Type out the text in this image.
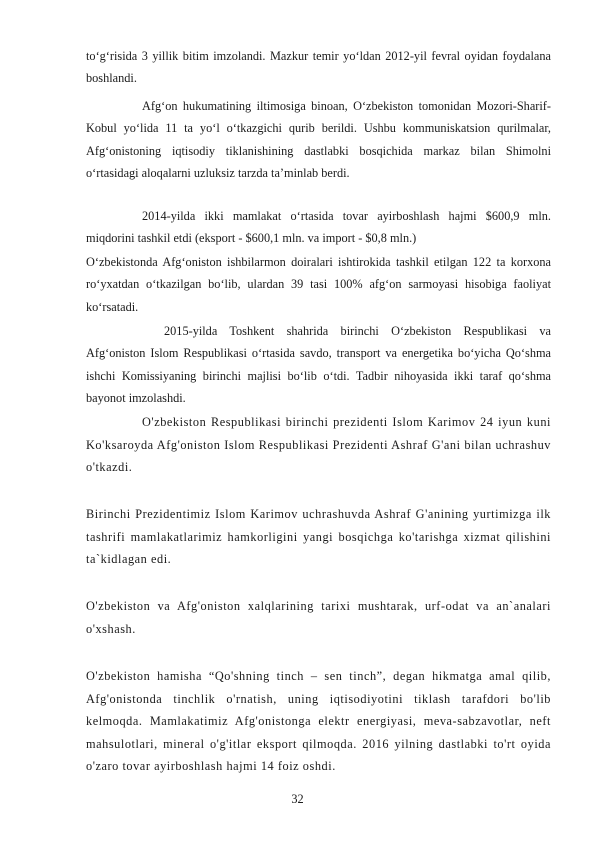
to‘g‘risida 3 yillik bitim imzolandi. Mazkur temir yo‘ldan 2012-yil fevral oyidan foydalana boshlandi.

Afg‘on hukumatining iltimosiga binoan, O‘zbekiston tomonidan Mozori-Sharif-Kobul yo‘lida 11 ta yo‘l o‘tkazgichi qurib berildi. Ushbu kommuniskatsion qurilmalar, Afg‘onistoning iqtisodiy tiklanishining dastlabki bosqichida markaz bilan Shimolni o‘rtasidagi aloqalarni uzluksiz tarzda ta’minlab berdi.

2014-yilda ikki mamlakat o‘rtasida tovar ayirboshlash hajmi $600,9 mln. miqdorini tashkil etdi (eksport - $600,1 mln. va import - $0,8 mln.)

O‘zbekistonda Afg‘oniston ishbilarmon doiralari ishtirokida tashkil etilgan 122 ta korxona ro‘yxatdan o‘tkazilgan bo‘lib, ulardan 39 tasi 100% afg‘on sarmoyasi hisobiga faoliyat ko‘rsatadi.

2015-yilda Toshkent shahrida birinchi O‘zbekiston Respublikasi va Afg‘oniston Islom Respublikasi o‘rtasida savdo, transport va energetika bo‘yicha Qo‘shma ishchi Komissiyaning birinchi majlisi bo‘lib o‘tdi. Tadbir nihoyasida ikki taraf qo‘shma bayonot imzolashdi.

O'zbekiston Respublikasi birinchi prezidenti Islom Karimov 24 iyun kuni Ko'ksaroyda Afg'oniston Islom Respublikasi Prezidenti Ashraf G'ani bilan uchrashuv o'tkazdi.

Birinchi Prezidentimiz Islom Karimov uchrashuvda Ashraf G'anining yurtimizga ilk tashrifi mamlakatlarimiz hamkorligini yangi bosqichga ko'tarishga xizmat qilishini ta`kidlagan edi.

O'zbekiston va Afg'oniston xalqlarining tarixi mushtarak, urf-odat va an`analari o'xshash.

O'zbekiston hamisha “Qo'shning tinch – sen tinch”, degan hikmatga amal qilib, Afg'onistonda tinchlik o'rnatish, uning iqtisodiyotini tiklash tarafdori bo'lib kelmoqda. Mamlakatimiz Afg'onistonga elektr energiyasi, meva-sabzavotlar, neft mahsulotlari, mineral o'g'itlar eksport qilmoqda. 2016 yilning dastlabki to'rt oyida o'zaro tovar ayirboshlash hajmi 14 foiz oshdi.

32
